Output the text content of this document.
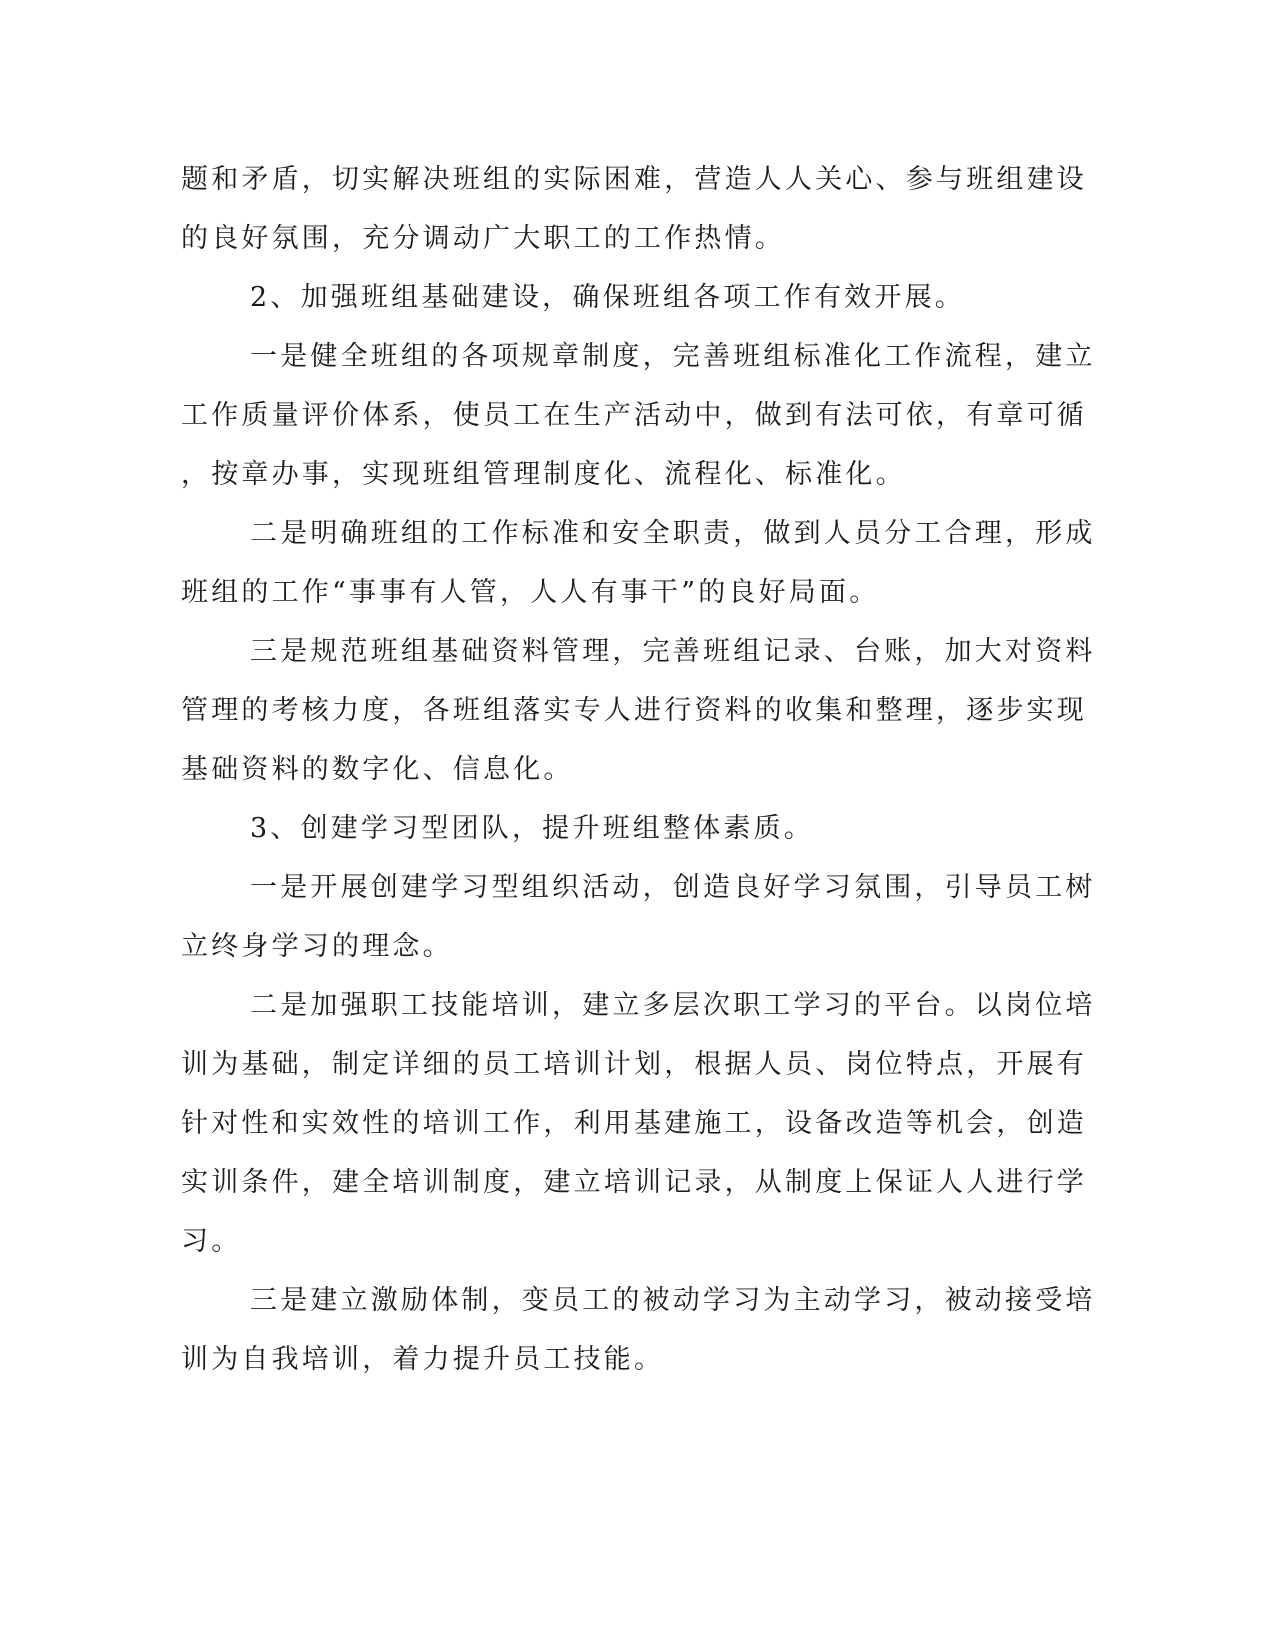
题和矛盾，切实解决班组的实际困难，营造人人关心、参与班组建设

的良好氛围，充分调动广大职工的工作热情。

2、加强班组基础建设，确保班组各项工作有效开展。

一是健全班组的各项规章制度，完善班组标准化工作流程，建立

工作质量评价体系，使员工在生产活动中，做到有法可依，有章可循

，按章办事，实现班组管理制度化、流程化、标准化。

二是明确班组的工作标准和安全职责，做到人员分工合理，形成

班组的工作“事事有人管，人人有事干”的良好局面。

三是规范班组基础资料管理，完善班组记录、台账，加大对资料

管理的考核力度，各班组落实专人进行资料的收集和整理，逐步实现

基础资料的数字化、信息化。

3、创建学习型团队，提升班组整体素质。

一是开展创建学习型组织活动，创造良好学习氛围，引导员工树

立终身学习的理念。

二是加强职工技能培训，建立多层次职工学习的平台。以岗位培

训为基础，制定详细的员工培训计划，根据人员、岗位特点，开展有

针对性和实效性的培训工作，利用基建施工，设备改造等机会，创造

实训条件，建全培训制度，建立培训记录，从制度上保证人人进行学

习。

三是建立激励体制，变员工的被动学习为主动学习，被动接受培

训为自我培训，着力提升员工技能。
